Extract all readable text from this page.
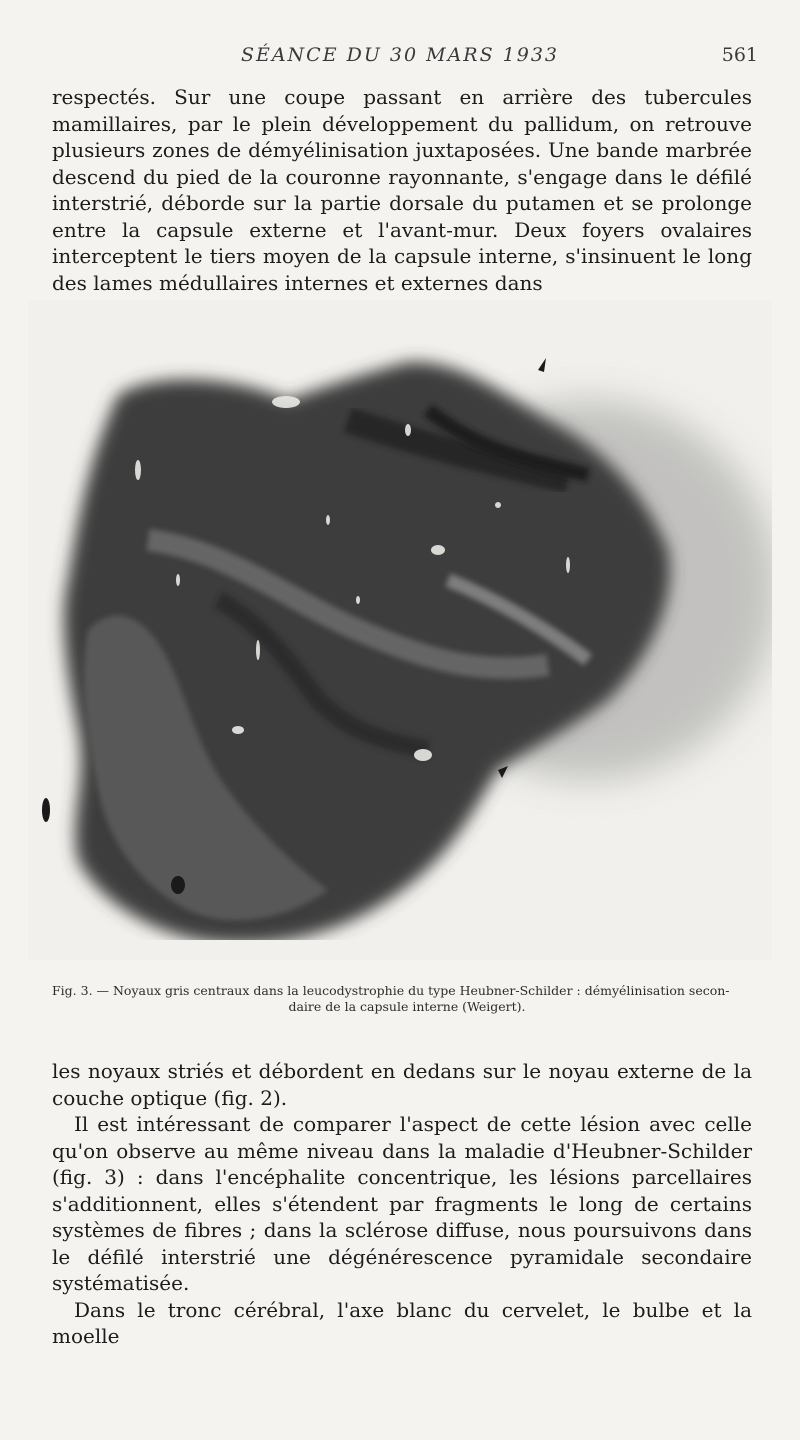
SÉANCE DU 30 MARS 1933	561

respectés. Sur une coupe passant en arrière des tubercules mamillaires, par le plein développement du pallidum, on retrouve plusieurs zones de démyélinisation juxtaposées. Une bande marbrée descend du pied de la couronne rayonnante, s'engage dans le défilé interstrié, déborde sur la partie dorsale du putamen et se prolonge entre la capsule externe et l'avant-mur. Deux foyers ovalaires interceptent le tiers moyen de la capsule interne, s'insinuent le long des lames médullaires internes et externes dans

Fig. 3. — Noyaux gris centraux dans la leucodystrophie du type Heubner-Schilder : démyélinisation secon-
daire de la capsule interne (Weigert).

les noyaux striés et débordent en dedans sur le noyau externe de la couche optique (fig. 2).

Il est intéressant de comparer l'aspect de cette lésion avec celle qu'on observe au même niveau dans la maladie d'Heubner-Schilder (fig. 3) : dans l'encéphalite concentrique, les lésions parcellaires s'additionnent, elles s'étendent par fragments le long de certains systèmes de fibres ; dans la sclérose diffuse, nous poursuivons dans le défilé interstrié une dégénérescence pyramidale secondaire systématisée.

Dans le tronc cérébral, l'axe blanc du cervelet, le bulbe et la moelle
